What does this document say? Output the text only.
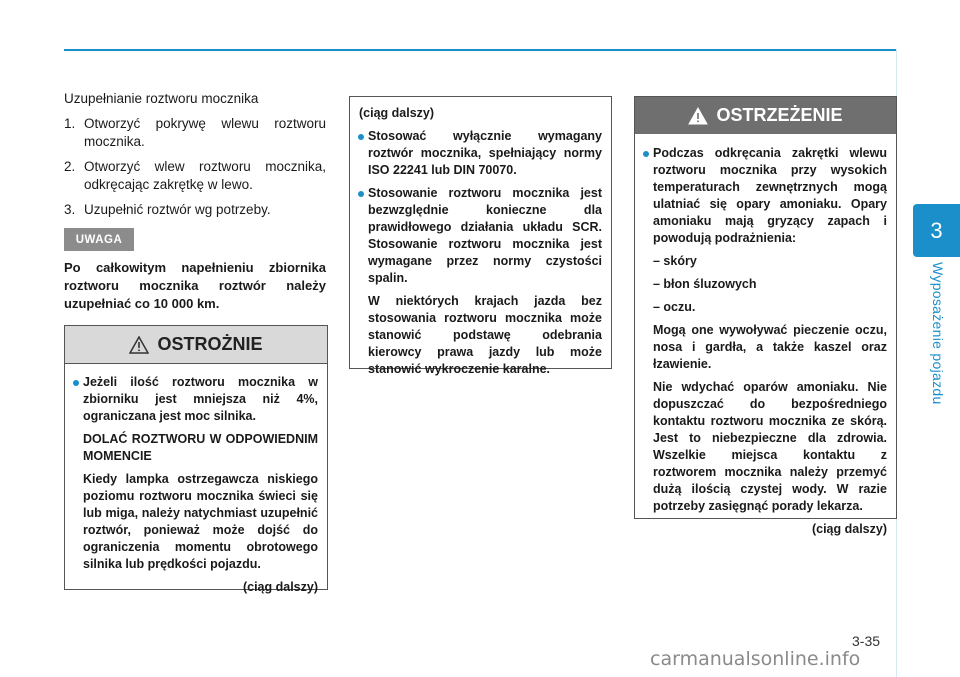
3
Wyposażenie pojazdu

Uzupełnianie roztworu mocznika

1. Otworzyć pokrywę wlewu roztworu mocznika.
2. Otworzyć wlew roztworu mocznika, odkręcając zakrętkę w lewo.
3. Uzupełnić roztwór wg potrzeby.
UWAGA
Po całkowitym napełnieniu zbiornika roztworu mocznika roztwór należy uzupełniać co 10 000 km.
OSTROŻNIE

Jeżeli ilość roztworu mocznika w zbiorniku jest mniejsza niż 4%, ograniczana jest moc silnika.

DOLAĆ ROZTWORU W ODPOWIEDNIM MOMENCIE

Kiedy lampka ostrzegawcza niskiego poziomu roztworu mocznika świeci się lub miga, należy natychmiast uzupełnić roztwór, ponieważ może dojść do ograniczenia momentu obrotowego silnika lub prędkości pojazdu.

(ciąg dalszy)

(ciąg dalszy)

Stosować wyłącznie wymagany roztwór mocznika, spełniający normy ISO 22241 lub DIN 70070.

Stosowanie roztworu mocznika jest bezwzględnie konieczne dla prawidłowego działania układu SCR. Stosowanie roztworu mocznika jest wymagane przez normy czystości spalin.

W niektórych krajach jazda bez stosowania roztworu mocznika może stanowić podstawę odebrania kierowcy prawa jazdy lub może stanowić wykroczenie karalne.

OSTRZEŻENIE

Podczas odkręcania zakrętki wlewu roztworu mocznika przy wysokich temperaturach zewnętrznych mogą ulatniać się opary amoniaku. Opary amoniaku mają gryzący zapach i powodują podrażnienia:

– skóry

– błon śluzowych

– oczu.

Mogą one wywoływać pieczenie oczu, nosa i gardła, a także kaszel oraz łzawienie.

Nie wdychać oparów amoniaku. Nie dopuszczać do bezpośredniego kontaktu roztworu mocznika ze skórą. Jest to niebezpieczne dla zdrowia. Wszelkie miejsca kontaktu z roztworem mocznika należy przemyć dużą ilością czystej wody. W razie potrzeby zasięgnąć porady lekarza.

(ciąg dalszy)

3-35
carmanualsonline.info
